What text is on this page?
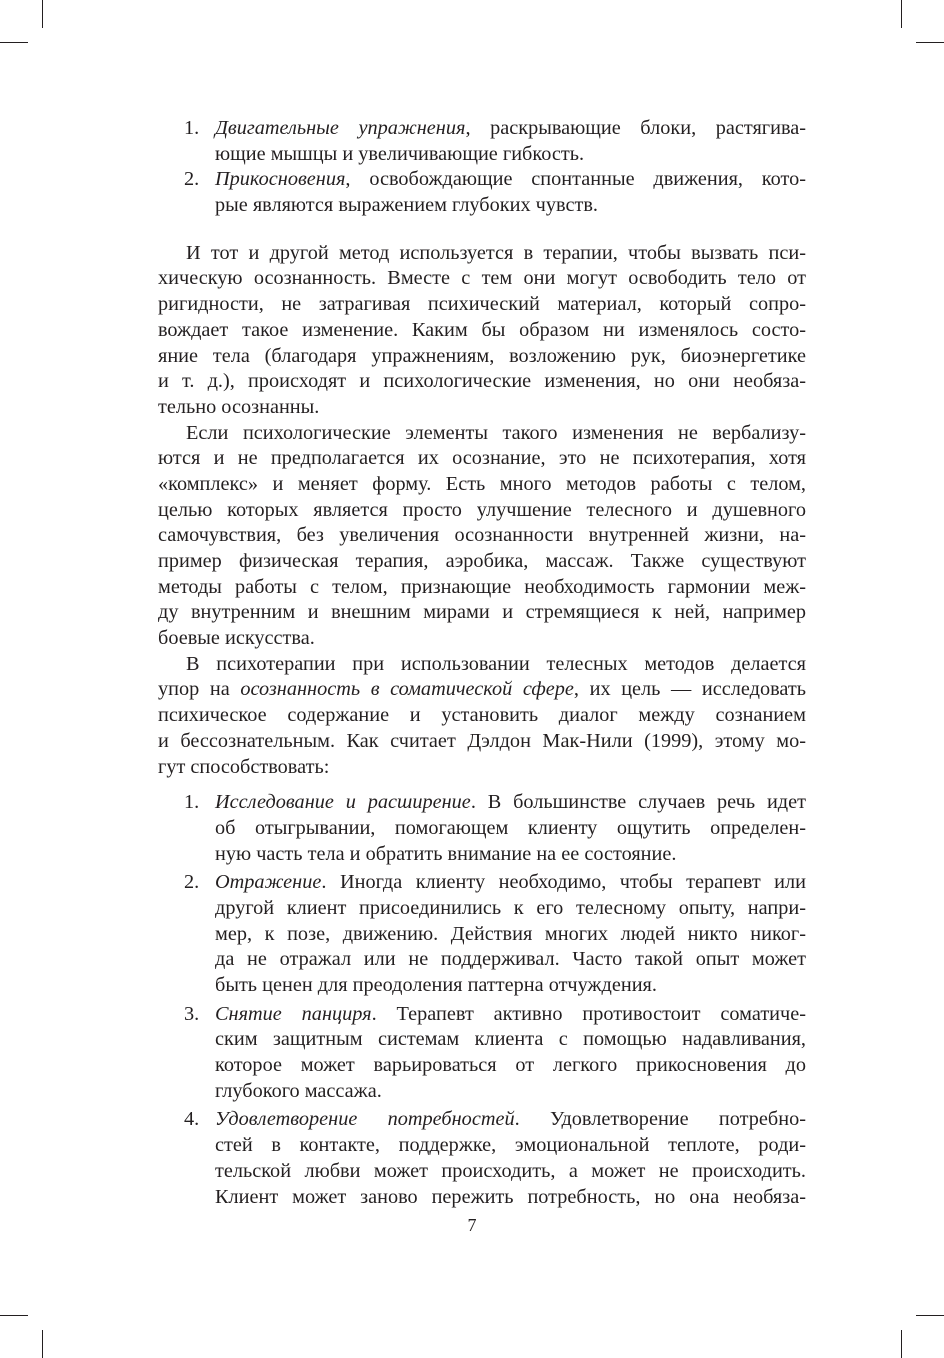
1. Двигательные упражнения, раскрывающие блоки, растягива-
ющие мышцы и увеличивающие гибкость.
2. Прикосновения, освобождающие спонтанные движения, кото-
рые являются выражением глубоких чувств.
И тот и другой метод используется в терапии, чтобы вызвать пси-
хическую осознанность. Вместе с тем они могут освободить тело от
ригидности, не затрагивая психический материал, который сопро-
вождает такое изменение. Каким бы образом ни изменялось состо-
яние тела (благодаря упражнениям, возложению рук, биоэнергетике
и т. д.), происходят и психологические изменения, но они необяза-
тельно осознанны.
Если психологические элементы такого изменения не вербализу-
ются и не предполагается их осознание, это не психотерапия, хотя
«комплекс» и меняет форму. Есть много методов работы с телом,
целью которых является просто улучшение телесного и душевного
самочувствия, без увеличения осознанности внутренней жизни, на-
пример физическая терапия, аэробика, массаж. Также существуют
методы работы с телом, признающие необходимость гармонии меж-
ду внутренним и внешним мирами и стремящиеся к ней, например
боевые искусства.
В психотерапии при использовании телесных методов делается
упор на осознанность в соматической сфере, их цель — исследовать
психическое содержание и установить диалог между сознанием
и бессознательным. Как считает Дэлдон Мак-Нили (1999), этому мо-
гут способствовать:
1. Исследование и расширение. В большинстве случаев речь идет
об отыгрывании, помогающем клиенту ощутить определен-
ную часть тела и обратить внимание на ее состояние.
2. Отражение. Иногда клиенту необходимо, чтобы терапевт или
другой клиент присоединились к его телесному опыту, напри-
мер, к позе, движению. Действия многих людей никто никог-
да не отражал или не поддерживал. Часто такой опыт может
быть ценен для преодоления паттерна отчуждения.
3. Снятие панциря. Терапевт активно противостоит соматиче-
ским защитным системам клиента с помощью надавливания,
которое может варьироваться от легкого прикосновения до
глубокого массажа.
4. Удовлетворение потребностей. Удовлетворение потребно-
стей в контакте, поддержке, эмоциональной теплоте, роди-
тельской любви может происходить, а может не происходить.
Клиент может заново пережить потребность, но она необяза-
7
